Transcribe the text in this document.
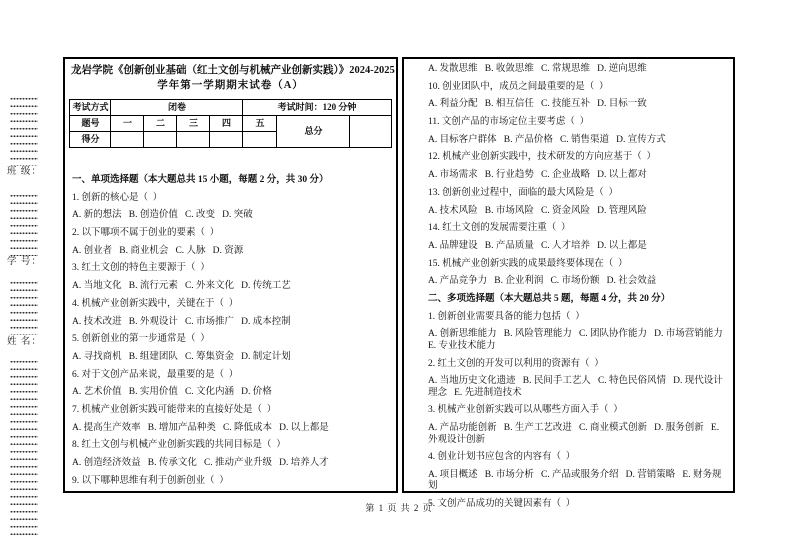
班 级：
学 号：
姓 名：
龙岩学院《创新创业基础（红土文创与机械产业创新实践）》2024-2025
学年第一学期期末试卷（A）
考试方式	闭卷				考试时间：120 分钟		
题号	一	二	三	四	五	总分	
得分							

一、单项选择题（本大题总共 15 小题，每题 2 分，共 30 分）

1. 创新的核心是（  ）

A. 新的想法   B. 创造价值   C. 改变   D. 突破

2. 以下哪项不属于创业的要素（  ）

A. 创业者   B. 商业机会   C. 人脉   D. 资源

3. 红土文创的特色主要源于（  ）

A. 当地文化   B. 流行元素   C. 外来文化   D. 传统工艺

4. 机械产业创新实践中，关键在于（  ）

A. 技术改进   B. 外观设计   C. 市场推广   D. 成本控制

5. 创新创业的第一步通常是（  ）

A. 寻找商机   B. 组建团队   C. 筹集资金   D. 制定计划

6. 对于文创产品来说，最重要的是（  ）

A. 艺术价值   B. 实用价值   C. 文化内涵   D. 价格

7. 机械产业创新实践可能带来的直接好处是（  ）

A. 提高生产效率   B. 增加产品种类   C. 降低成本   D. 以上都是

8. 红土文创与机械产业创新实践的共同目标是（  ）

A. 创造经济效益   B. 传承文化   C. 推动产业升级   D. 培养人才

9. 以下哪种思维有利于创新创业（  ）

A. 发散思维   B. 收敛思维   C. 常规思维   D. 逆向思维

10. 创业团队中，成员之间最重要的是（  ）

A. 利益分配   B. 相互信任   C. 技能互补   D. 目标一致

11. 文创产品的市场定位主要考虑（  ）

A. 目标客户群体   B. 产品价格   C. 销售渠道   D. 宣传方式

12. 机械产业创新实践中，技术研发的方向应基于（  ）

A. 市场需求   B. 行业趋势   C. 企业战略   D. 以上都对

13. 创新创业过程中，面临的最大风险是（  ）

A. 技术风险   B. 市场风险   C. 资金风险   D. 管理风险

14. 红土文创的发展需要注重（  ）

A. 品牌建设   B. 产品质量   C. 人才培养   D. 以上都是

15. 机械产业创新实践的成果最终要体现在（  ）

A. 产品竞争力   B. 企业利润   C. 市场份额   D. 社会效益

二、多项选择题（本大题总共 5 题，每题 4 分，共 20 分）

1. 创新创业需要具备的能力包括（  ）

A. 创新思维能力   B. 风险管理能力   C. 团队协作能力   D. 市场营销能力   E. 专业技术能力

2. 红土文创的开发可以利用的资源有（  ）

A. 当地历史文化遗迹   B. 民间手工艺人   C. 特色民俗风情   D. 现代设计理念   E. 先进制造技术

3. 机械产业创新实践可以从哪些方面入手（  ）

A. 产品功能创新   B. 生产工艺改进   C. 商业模式创新   D. 服务创新   E. 外观设计创新

4. 创业计划书应包含的内容有（  ）

A. 项目概述   B. 市场分析   C. 产品或服务介绍   D. 营销策略   E. 财务规划

5. 文创产品成功的关键因素有（  ）

第 1 页 共 2 页
